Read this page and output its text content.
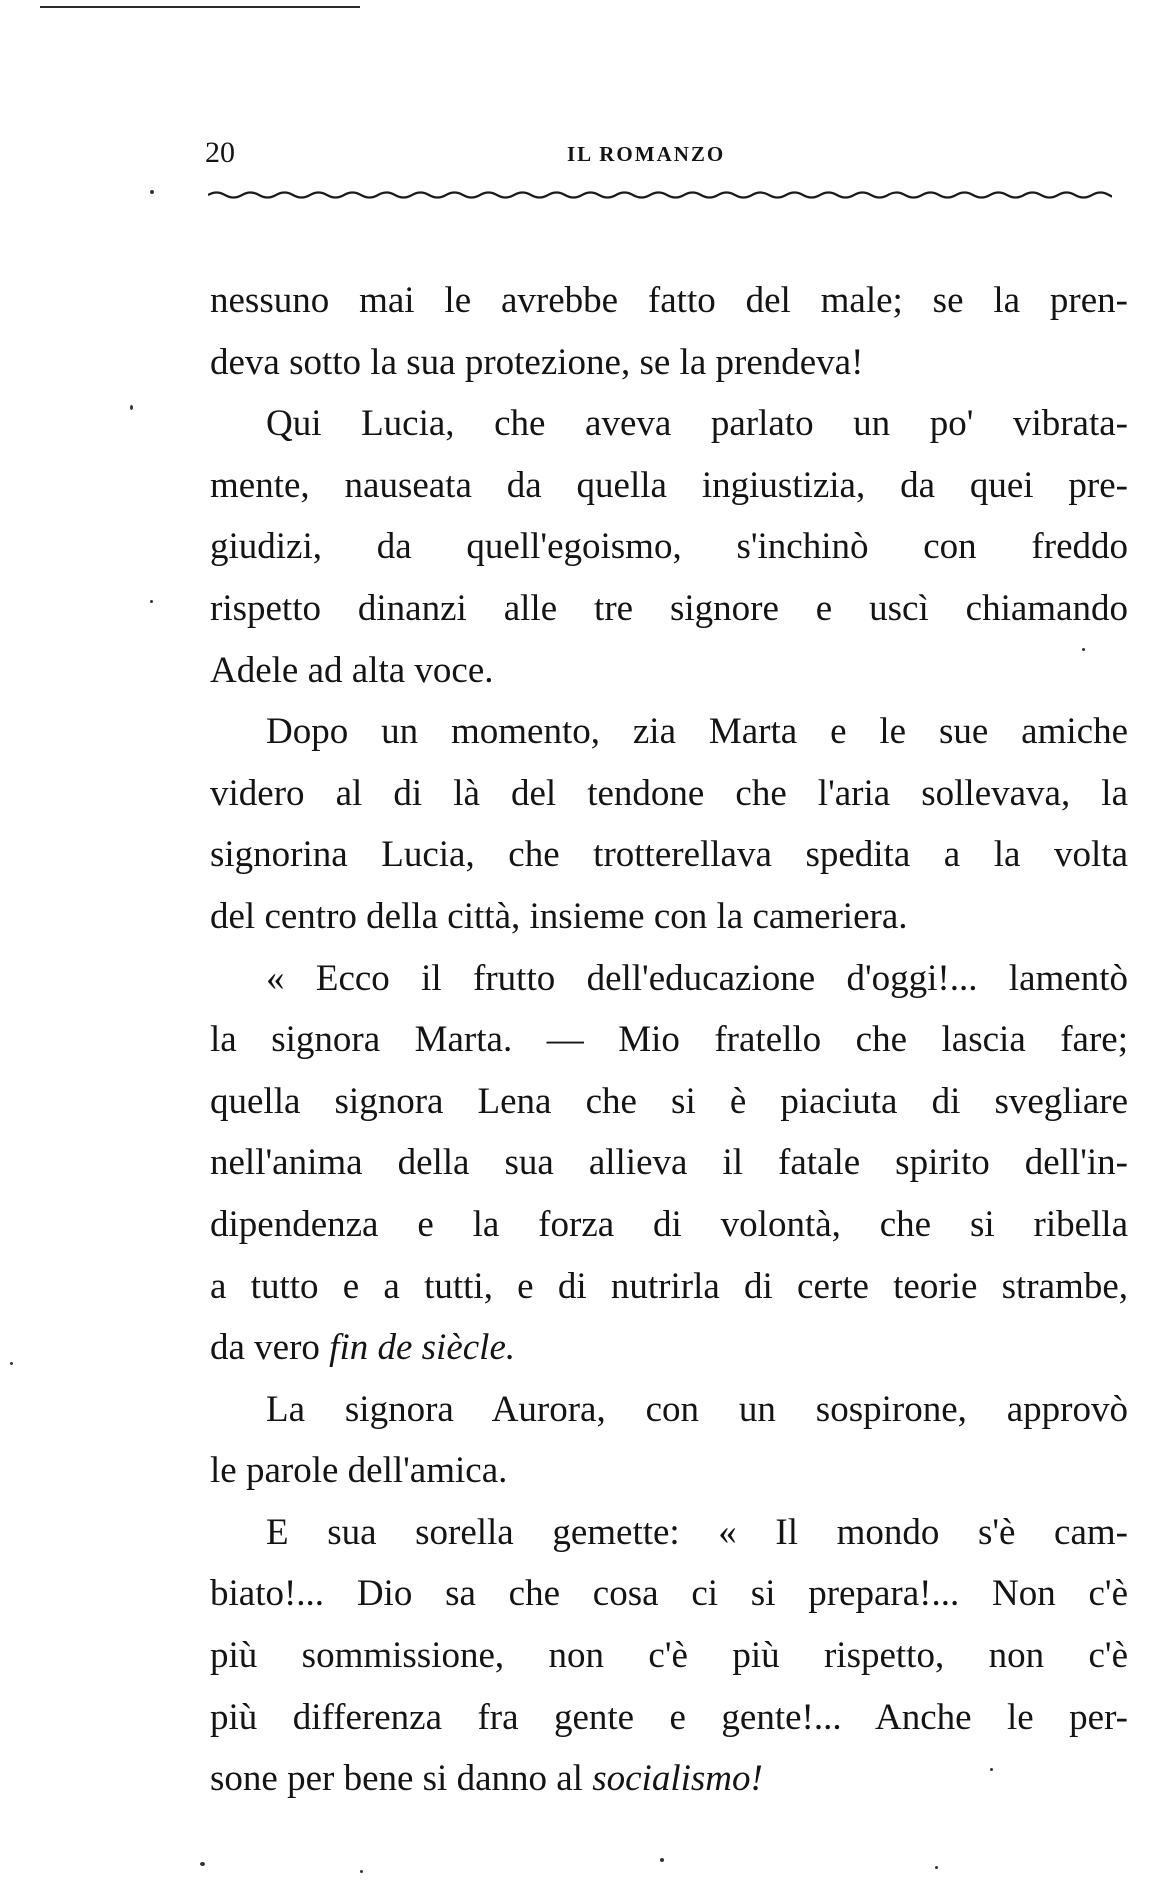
20	IL ROMANZO
nessuno mai le avrebbe fatto del male; se la pren-
deva sotto la sua protezione, se la prendeva!
Qui Lucia, che aveva parlato un po' vibrata-
mente, nauseata da quella ingiustizia, da quei pre-
giudizi, da quell'egoismo, s'inchinò con freddo
rispetto dinanzi alle tre signore e uscì chiamando
Adele ad alta voce.
Dopo un momento, zia Marta e le sue amiche
videro al di là del tendone che l'aria sollevava, la
signorina Lucia, che trotterellava spedita a la volta
del centro della città, insieme con la cameriera.
« Ecco il frutto dell'educazione d'oggi!... lamentò
la signora Marta. — Mio fratello che lascia fare;
quella signora Lena che si è piaciuta di svegliare
nell'anima della sua allieva il fatale spirito dell'in-
dipendenza e la forza di volontà, che si ribella
a tutto e a tutti, e di nutrirla di certe teorie strambe,
da vero fin de siècle.
La signora Aurora, con un sospirone, approvò
le parole dell'amica.
E sua sorella gemette: « Il mondo s'è cam-
biato!... Dio sa che cosa ci si prepara!... Non c'è
più sommissione, non c'è più rispetto, non c'è
più differenza fra gente e gente!... Anche le per-
sone per bene si danno al socialismo!
